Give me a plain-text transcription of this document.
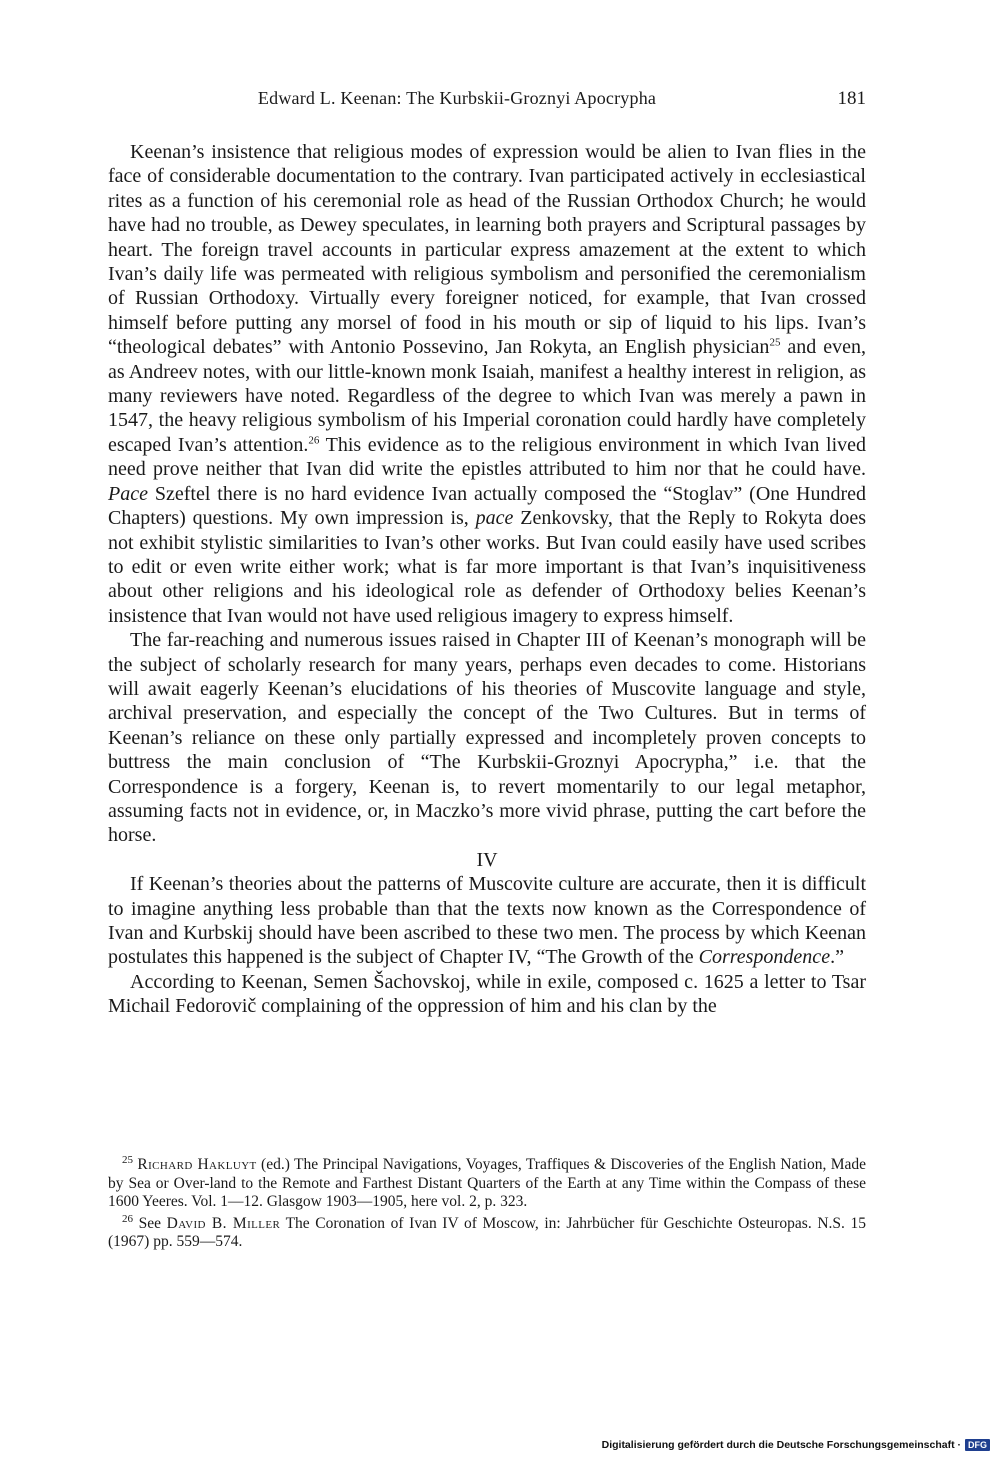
Edward L. Keenan: The Kurbskii-Groznyi Apocrypha	181

Keenan’s insistence that religious modes of expression would be alien to Ivan flies in the face of considerable documentation to the contrary. Ivan participated actively in ecclesiastical rites as a function of his ceremonial role as head of the Russian Orthodox Church; he would have had no trouble, as Dewey speculates, in learning both prayers and Scriptural passages by heart. The foreign travel accounts in particular express amazement at the extent to which Ivan’s daily life was permeated with religious symbolism and personified the ceremonialism of Russian Orthodoxy. Virtually every foreigner noticed, for example, that Ivan crossed himself before putting any morsel of food in his mouth or sip of liquid to his lips. Ivan’s “theological debates” with Antonio Possevino, Jan Rokyta, an English physician$^{25}$ and even, as Andreev notes, with our little-known monk Isaiah, manifest a healthy interest in religion, as many reviewers have noted. Regardless of the degree to which Ivan was merely a pawn in 1547, the heavy religious symbolism of his Imperial coronation could hardly have completely escaped Ivan’s attention.$^{26}$ This evidence as to the religious environment in which Ivan lived need prove neither that Ivan did write the epistles attributed to him nor that he could have. Pace Szeftel there is no hard evidence Ivan actually composed the “Stoglav” (One Hundred Chapters) questions. My own impression is, pace Zenkovsky, that the Reply to Rokyta does not exhibit stylistic similarities to Ivan’s other works. But Ivan could easily have used scribes to edit or even write either work; what is far more important is that Ivan’s inquisitiveness about other religions and his ideological role as defender of Orthodoxy belies Keenan’s insistence that Ivan would not have used religious imagery to express himself.

The far-reaching and numerous issues raised in Chapter III of Keenan’s monograph will be the subject of scholarly research for many years, perhaps even decades to come. Historians will await eagerly Keenan’s elucidations of his theories of Muscovite language and style, archival preservation, and especially the concept of the Two Cultures. But in terms of Keenan’s reliance on these only partially expressed and incompletely proven concepts to buttress the main conclusion of “The Kurbskii-Groznyi Apocrypha,” i.e. that the Correspondence is a forgery, Keenan is, to revert momentarily to our legal metaphor, assuming facts not in evidence, or, in Maczko’s more vivid phrase, putting the cart before the horse.

IV

If Keenan’s theories about the patterns of Muscovite culture are accurate, then it is difficult to imagine anything less probable than that the texts now known as the Correspondence of Ivan and Kurbskij should have been ascribed to these two men. The process by which Keenan postulates this happened is the subject of Chapter IV, “The Growth of the Correspondence.”

According to Keenan, Semen Šachovskoj, while in exile, composed c. 1625 a letter to Tsar Michail Fedorovič complaining of the oppression of him and his clan by the

$^{25}$ Richard Hakluyt (ed.) The Principal Navigations, Voyages, Traffiques & Discoveries of the English Nation, Made by Sea or Over-land to the Remote and Farthest Distant Quarters of the Earth at any Time within the Compass of these 1600 Yeeres. Vol. 1—12. Glasgow 1903—1905, here vol. 2, p. 323.

$^{26}$ See David B. Miller The Coronation of Ivan IV of Moscow, in: Jahrbücher für Geschichte Osteuropas. N.S. 15 (1967) pp. 559—574.

Digitalisierung gefördert durch die Deutsche Forschungsgemeinschaft · DFG
